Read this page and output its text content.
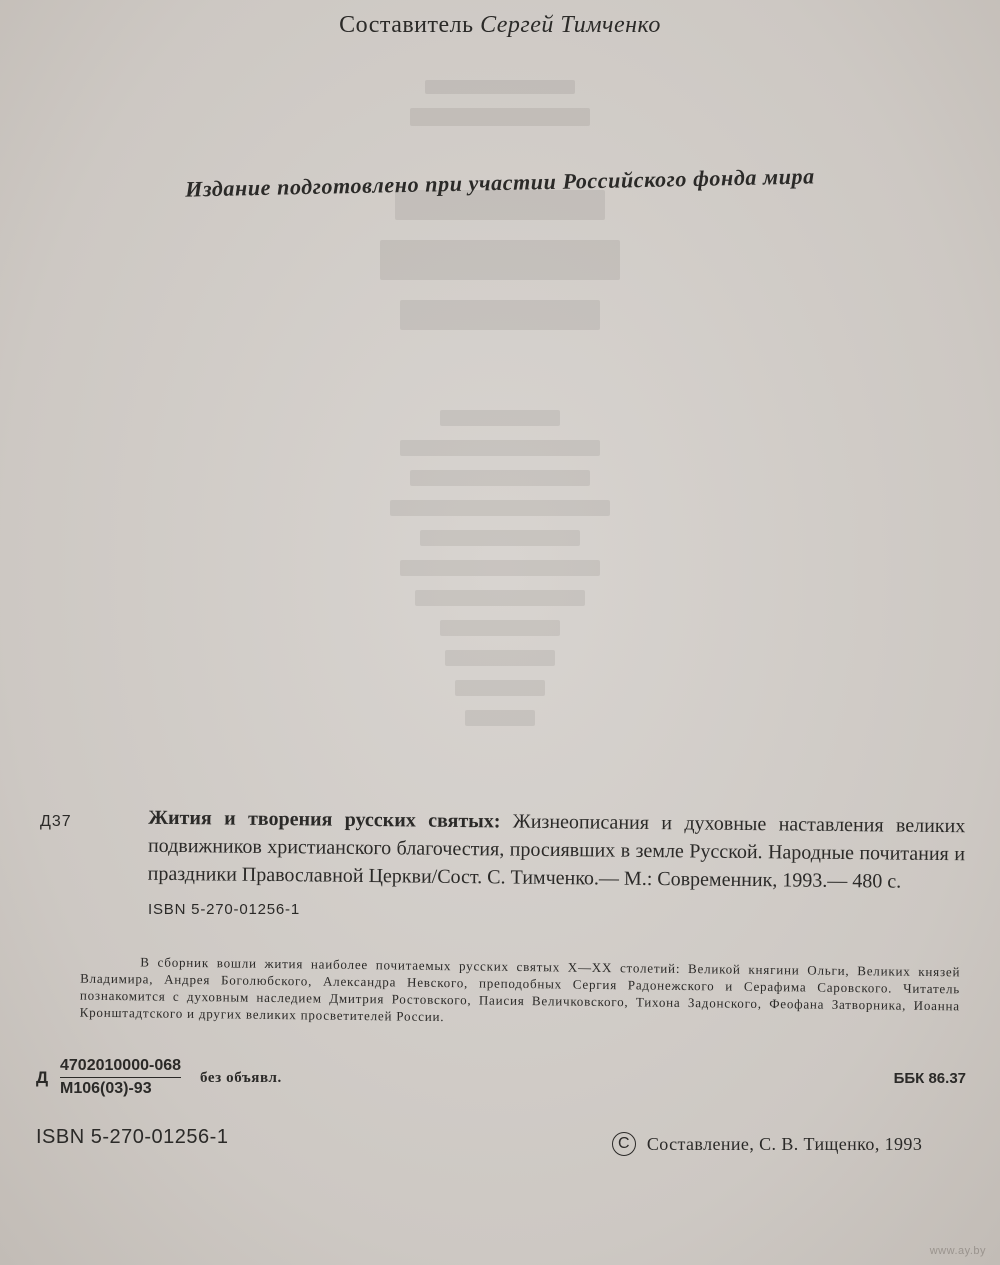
Составитель Сергей Тимченко
Издание подготовлено при участии Российского фонда мира
Д37	Жития и творения русских святых: Жизнеописания и духовные наставления великих подвижников христианского благочестия, просиявших в земле Русской. Народные почитания и праздники Православной Церкви/Сост. С. Тимченко.— М.: Современник, 1993.— 480 с.
ISBN 5-270-01256-1
В сборник вошли жития наиболее почитаемых русских святых X—XX столетий: Великой княгини Ольги, Великих князей Владимира, Андрея Боголюбского, Александра Невского, преподобных Сергия Радонежского и Серафима Саровского. Читатель познакомится с духовным наследием Дмитрия Ростовского, Паисия Величковского, Тихона Задонского, Феофана Затворника, Иоанна Кронштадтского и других великих просветителей России.
Д
4702010000-068
М106(03)-93
без объявл.	ББК 86.37
ISBN 5-270-01256-1	C Составление, С. В. Тищенко, 1993
www.ay.by
